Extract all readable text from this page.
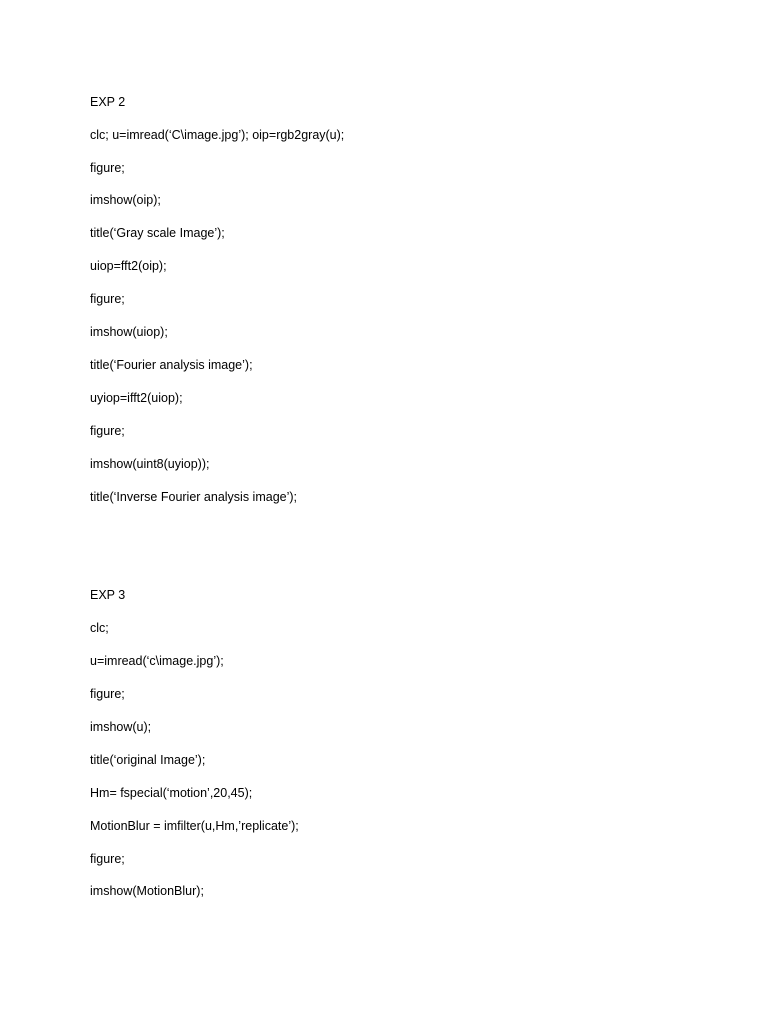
EXP 2
clc; u=imread(‘C\image.jpg’); oip=rgb2gray(u);
figure;
imshow(oip);
title(‘Gray scale Image’);
uiop=fft2(oip);
figure;
imshow(uiop);
title(‘Fourier analysis image’);
uyiop=ifft2(uiop);
figure;
imshow(uint8(uyiop));
title(‘Inverse Fourier analysis image’);
EXP 3
clc;
u=imread(‘c\image.jpg’);
figure;
imshow(u);
title(‘original Image’);
Hm= fspecial(‘motion’,20,45);
MotionBlur = imfilter(u,Hm,’replicate’);
figure;
imshow(MotionBlur);
